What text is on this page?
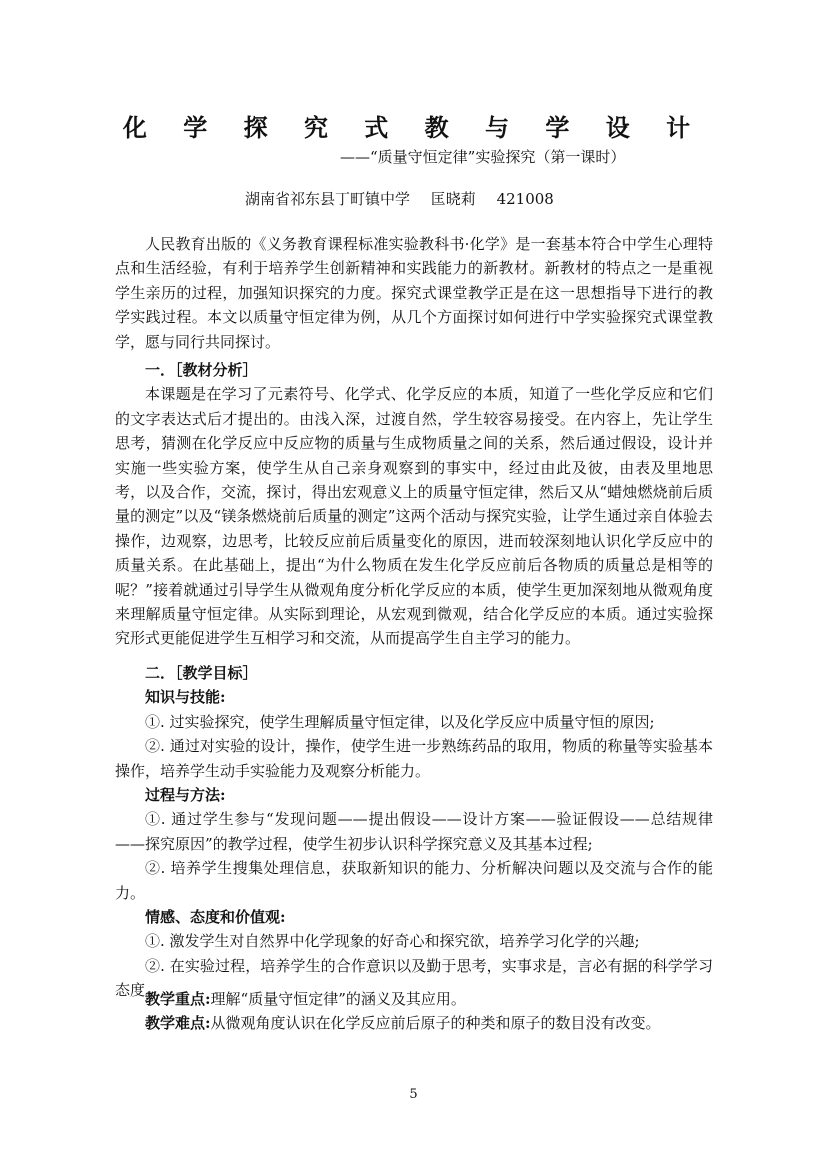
化 学 探 究 式 教 与 学 设 计
——“质量守恒定律”实验探究（第一课时）
湖南省祁东县丁町镇中学 匡晓莉 421008

人民教育出版的《义务教育课程标准实验教科书·化学》是一套基本符合中学生心理特点和生活经验，有利于培养学生创新精神和实践能力的新教材。新教材的特点之一是重视学生亲历的过程，加强知识探究的力度。探究式课堂教学正是在这一思想指导下进行的教学实践过程。本文以质量守恒定律为例，从几个方面探讨如何进行中学实验探究式课堂教学，愿与同行共同探讨。

一．［教材分析］

本课题是在学习了元素符号、化学式、化学反应的本质，知道了一些化学反应和它们的文字表达式后才提出的。由浅入深，过渡自然，学生较容易接受。在内容上，先让学生思考，猜测在化学反应中反应物的质量与生成物质量之间的关系，然后通过假设，设计并实施一些实验方案，使学生从自己亲身观察到的事实中，经过由此及彼，由表及里地思考，以及合作，交流，探讨，得出宏观意义上的质量守恒定律，然后又从“蜡烛燃烧前后质量的测定”以及“镁条燃烧前后质量的测定”这两个活动与探究实验，让学生通过亲自体验去操作，边观察，边思考，比较反应前后质量变化的原因，进而较深刻地认识化学反应中的质量关系。在此基础上，提出“为什么物质在发生化学反应前后各物质的质量总是相等的呢？”接着就通过引导学生从微观角度分析化学反应的本质，使学生更加深刻地从微观角度来理解质量守恒定律。从实际到理论，从宏观到微观，结合化学反应的本质。通过实验探究形式更能促进学生互相学习和交流，从而提高学生自主学习的能力。

二．［教学目标］

知识与技能:

①. 过实验探究，使学生理解质量守恒定律，以及化学反应中质量守恒的原因;

②. 通过对实验的设计，操作，使学生进一步熟练药品的取用，物质的称量等实验基本操作，培养学生动手实验能力及观察分析能力。

过程与方法:

①. 通过学生参与“发现问题——提出假设——设计方案——验证假设——总结规律——探究原因”的教学过程，使学生初步认识科学探究意义及其基本过程;

②. 培养学生搜集处理信息，获取新知识的能力、分析解决问题以及交流与合作的能力。

情感、态度和价值观:

①. 激发学生对自然界中化学现象的好奇心和探究欲，培养学习化学的兴趣;

②. 在实验过程，培养学生的合作意识以及勤于思考，实事求是，言必有据的科学学习态度。

教学重点:理解“质量守恒定律”的涵义及其应用。

教学难点:从微观角度认识在化学反应前后原子的种类和原子的数目没有改变。

5
